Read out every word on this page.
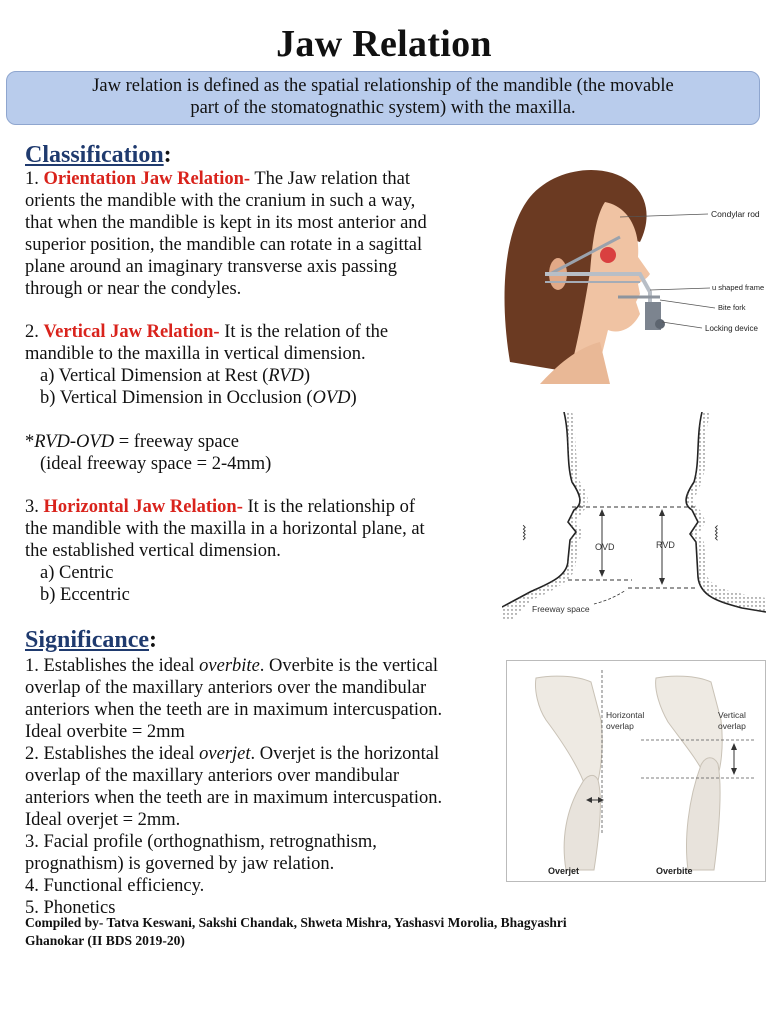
Jaw Relation
Jaw relation is defined as the spatial relationship of the mandible (the movable
part of the stomatognathic system) with the maxilla.
Classification:
1. Orientation Jaw Relation- The Jaw relation that
orients the mandible with the cranium in such a way,
that when the mandible is kept in its most anterior and
superior position, the mandible can rotate in a sagittal
plane around an imaginary transverse axis passing
through or near the condyles.
2. Vertical Jaw Relation- It is the relation of the
mandible to the maxilla in vertical dimension.
a) Vertical Dimension at Rest (RVD)
b) Vertical Dimension in Occlusion (OVD)
*RVD-OVD = freeway space
(ideal freeway space = 2-4mm)
3. Horizontal Jaw Relation- It is the relationship of
the mandible with the maxilla in a horizontal plane, at
the established vertical dimension.
a) Centric
b) Eccentric
Significance:
1. Establishes the ideal overbite. Overbite is the vertical
overlap of the maxillary anteriors over the mandibular
anteriors when the teeth are in maximum intercuspation.
Ideal overbite = 2mm
2. Establishes the ideal overjet. Overjet is the horizontal
overlap of the maxillary anteriors over mandibular
anteriors when the teeth are in maximum intercuspation.
Ideal overjet = 2mm.
3. Facial profile (orthognathism, retrognathism,
prognathism) is governed by jaw relation.
4. Functional efficiency.
5. Phonetics
Compiled by- Tatva Keswani, Sakshi Chandak, Shweta Mishra, Yashasvi Morolia, Bhagyashri
Ghanokar (II BDS 2019-20)
Condylar rod
u shaped frame
Bite fork
Locking device
⧘	⧙
OVD	RVD
Freeway space
Horizontal
overlap
Vertical
overlap
Overjet	Overbite
